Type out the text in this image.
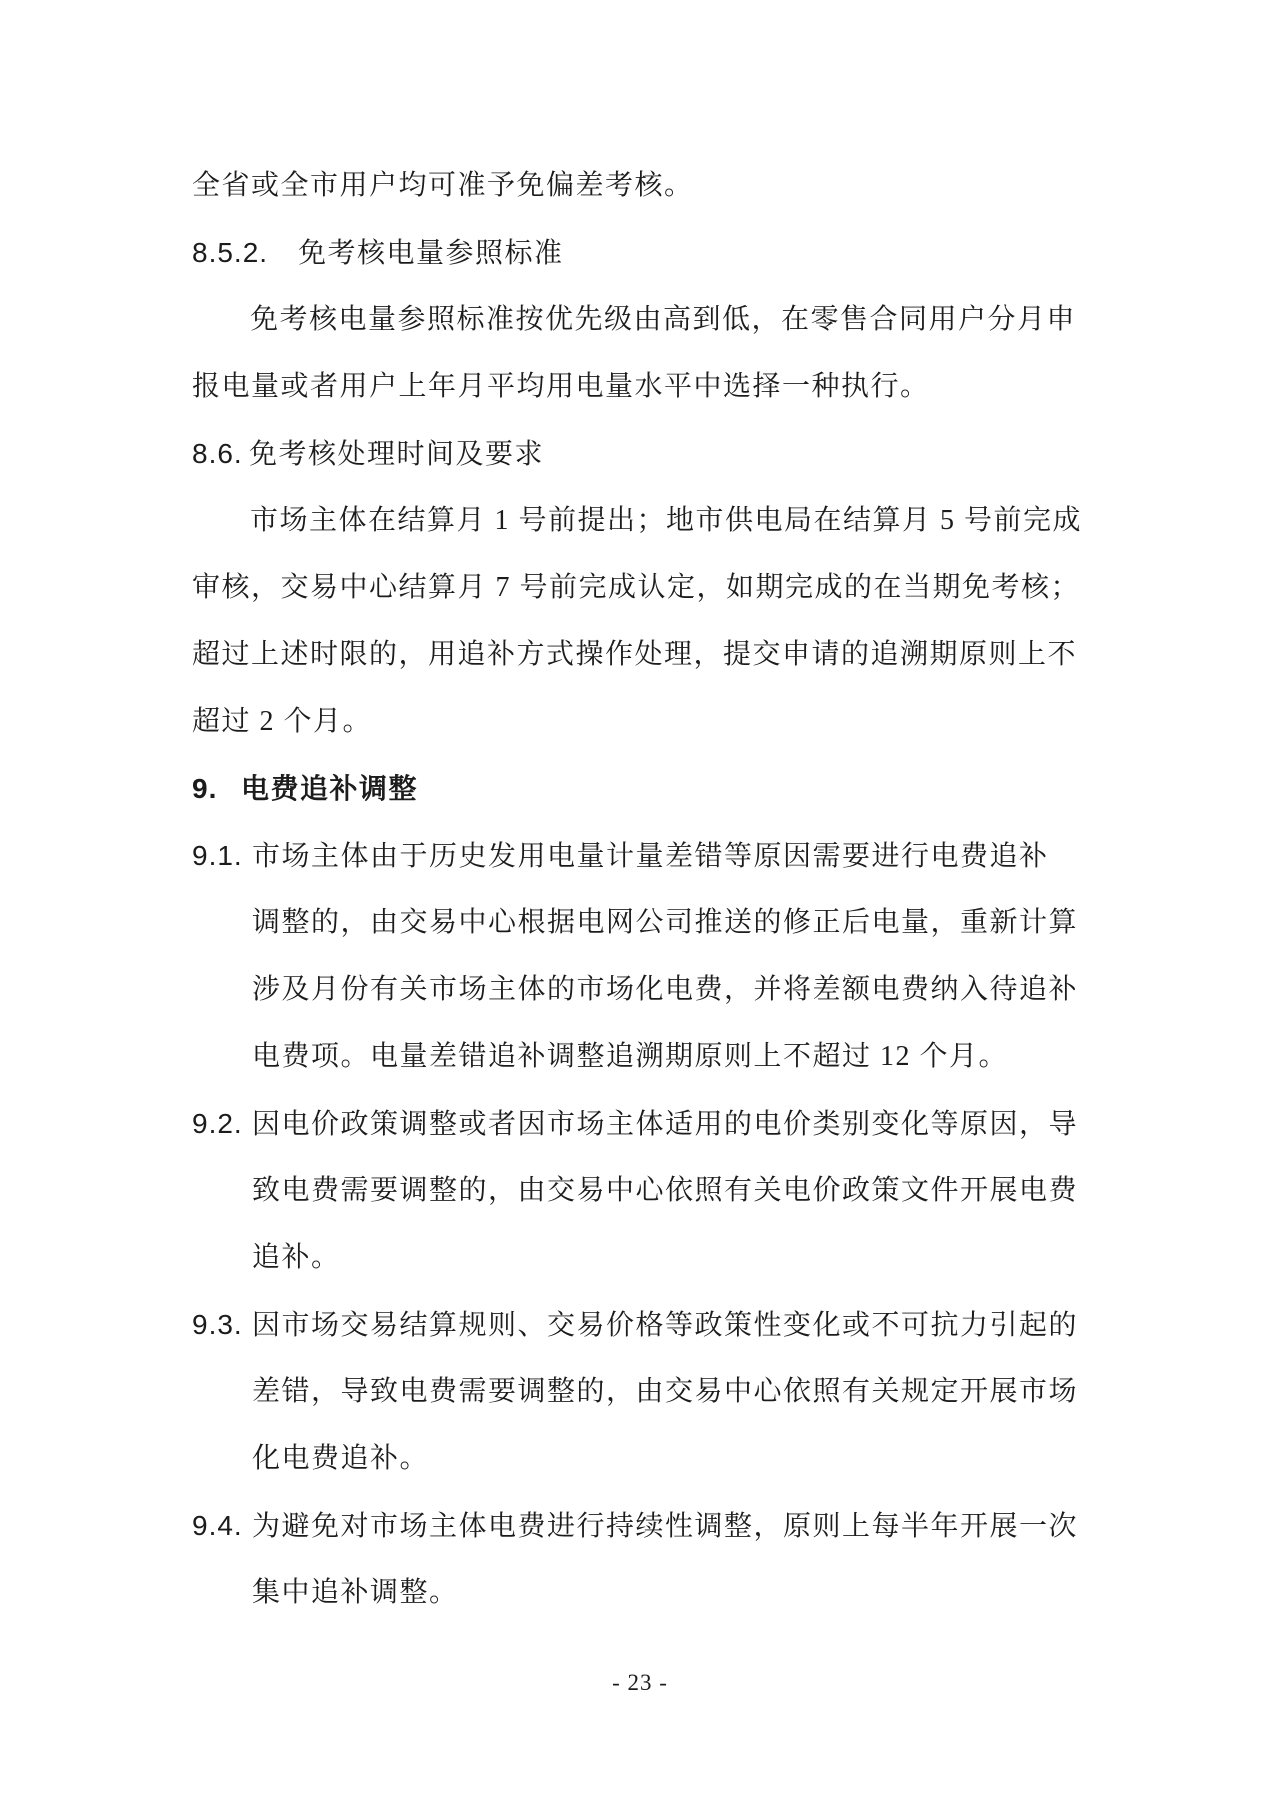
全省或全市用户均可准予免偏差考核。
8.5.2. 免考核电量参照标准
免考核电量参照标准按优先级由高到低，在零售合同用户分月申
报电量或者用户上年月平均用电量水平中选择一种执行。
8.6. 免考核处理时间及要求
市场主体在结算月 1 号前提出；地市供电局在结算月 5 号前完成
审核，交易中心结算月 7 号前完成认定，如期完成的在当期免考核；
超过上述时限的，用追补方式操作处理，提交申请的追溯期原则上不
超过 2 个月。
9. 电费追补调整
9.1. 市场主体由于历史发用电量计量差错等原因需要进行电费追补
调整的，由交易中心根据电网公司推送的修正后电量，重新计算
涉及月份有关市场主体的市场化电费，并将差额电费纳入待追补
电费项。电量差错追补调整追溯期原则上不超过 12 个月。
9.2. 因电价政策调整或者因市场主体适用的电价类别变化等原因，导
致电费需要调整的，由交易中心依照有关电价政策文件开展电费
追补。
9.3. 因市场交易结算规则、交易价格等政策性变化或不可抗力引起的
差错，导致电费需要调整的，由交易中心依照有关规定开展市场
化电费追补。
9.4. 为避免对市场主体电费进行持续性调整，原则上每半年开展一次
集中追补调整。
- 23 -
